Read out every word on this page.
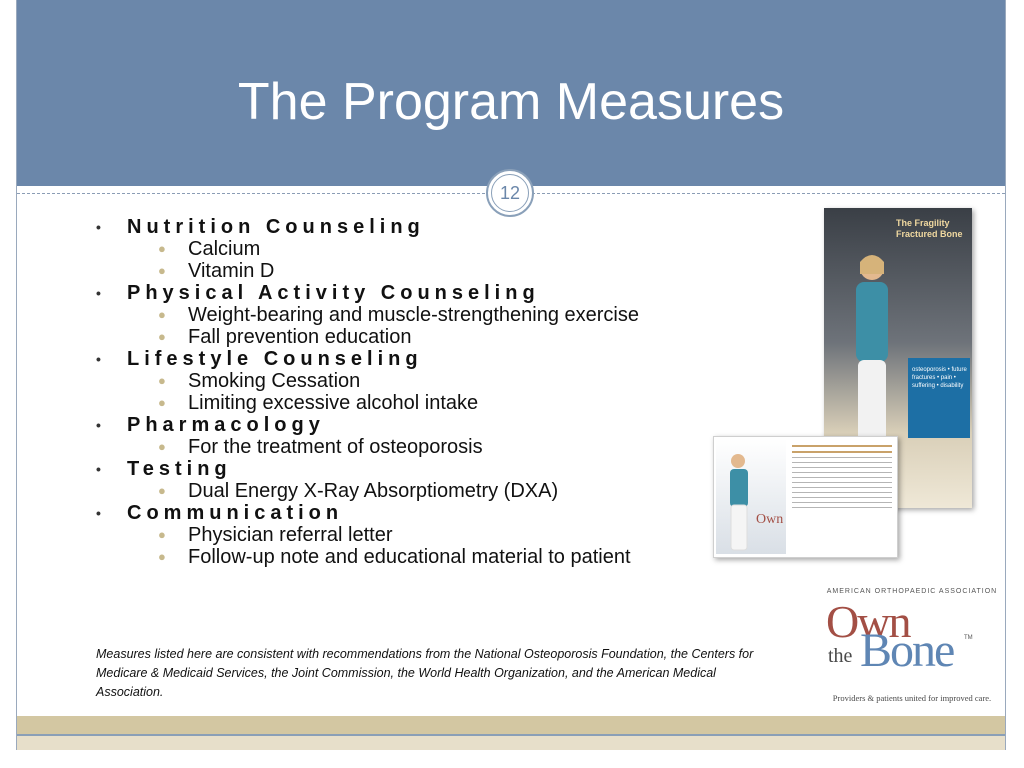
The Program Measures
12
• Nutrition Counseling
● Calcium
● Vitamin D
• Physical Activity Counseling
● Weight-bearing and muscle-strengthening exercise
● Fall prevention education
• Lifestyle Counseling
● Smoking Cessation
● Limiting excessive alcohol intake
• Pharmacology
● For the treatment of osteoporosis
• Testing
● Dual Energy X-Ray Absorptiometry (DXA)
• Communication
● Physician referral letter
● Follow-up note and educational material to patient
Measures listed here are consistent with recommendations from the National Osteoporosis Foundation, the Centers for Medicare & Medicaid Services, the Joint Commission, the World Health Organization, and the American Medical Association.
The Fragility Fractured Bone
osteoporosis • future fractures • pain • suffering • disability
Own
AMERICAN ORTHOPAEDIC ASSOCIATION
Own
the Bone TM
Providers & patients united for improved care.
